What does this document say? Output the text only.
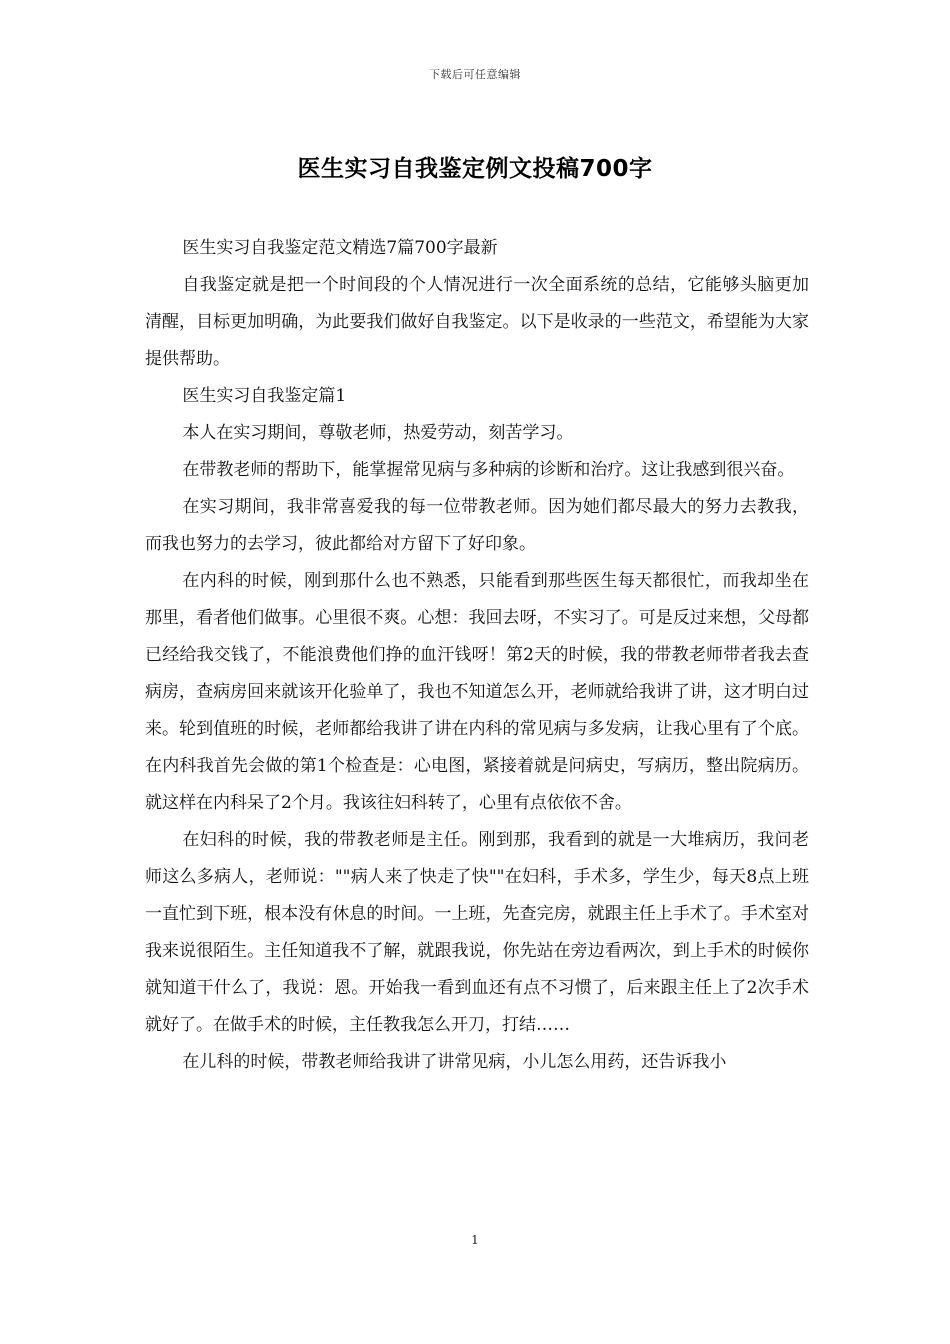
下载后可任意编辑
医生实习自我鉴定例文投稿700字

医生实习自我鉴定范文精选7篇700字最新

自我鉴定就是把一个时间段的个人情况进行一次全面系统的总结，它能够头脑更加清醒，目标更加明确，为此要我们做好自我鉴定。以下是收录的一些范文，希望能为大家提供帮助。

医生实习自我鉴定篇1

本人在实习期间，尊敬老师，热爱劳动，刻苦学习。

在带教老师的帮助下，能掌握常见病与多种病的诊断和治疗。这让我感到很兴奋。

在实习期间，我非常喜爱我的每一位带教老师。因为她们都尽最大的努力去教我，而我也努力的去学习，彼此都给对方留下了好印象。

在内科的时候，刚到那什么也不熟悉，只能看到那些医生每天都很忙，而我却坐在那里，看者他们做事。心里很不爽。心想：我回去呀，不实习了。可是反过来想，父母都已经给我交钱了，不能浪费他们挣的血汗钱呀！第2天的时候，我的带教老师带者我去查病房，查病房回来就该开化验单了，我也不知道怎么开，老师就给我讲了讲，这才明白过来。轮到值班的时候，老师都给我讲了讲在内科的常见病与多发病，让我心里有了个底。在内科我首先会做的第1个检查是：心电图，紧接着就是问病史，写病历，整出院病历。就这样在内科呆了2个月。我该往妇科转了，心里有点依依不舍。

在妇科的时候，我的带教老师是主任。刚到那，我看到的就是一大堆病历，我问老师这么多病人，老师说：""病人来了快走了快""在妇科，手术多，学生少，每天8点上班一直忙到下班，根本没有休息的时间。一上班，先查完房，就跟主任上手术了。手术室对我来说很陌生。主任知道我不了解，就跟我说，你先站在旁边看两次，到上手术的时候你就知道干什么了，我说：恩。开始我一看到血还有点不习惯了，后来跟主任上了2次手术就好了。在做手术的时候，主任教我怎么开刀，打结……

在儿科的时候，带教老师给我讲了讲常见病，小儿怎么用药，还告诉我小

1
